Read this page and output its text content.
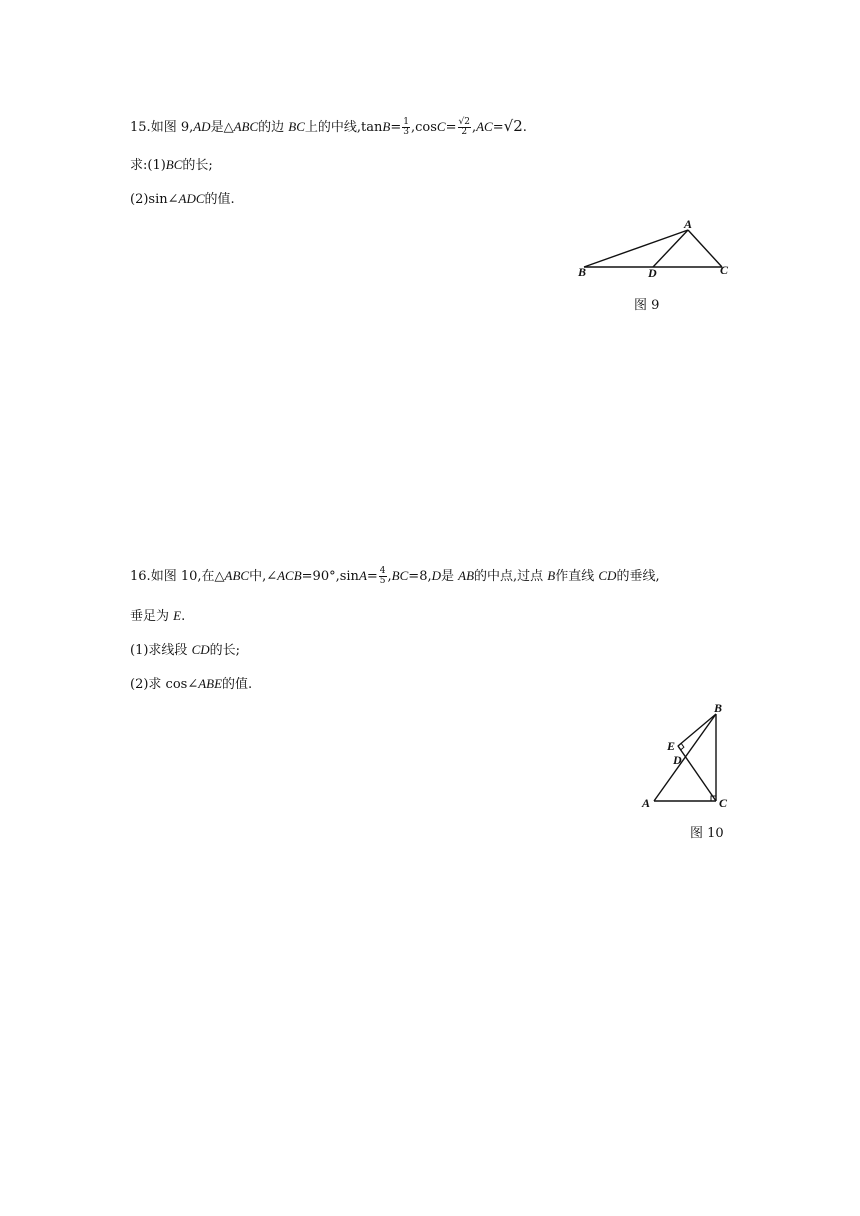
15.如图 9,AD是△ABC的边 BC上的中线$,\tan B= \frac{1}{3} ,\cos C= \frac{√2}{2} ,AC=√2$.
求:(1)BC的长;
(2)sin∠ADC的值.
A
B	C
D
图 9
16.如图 10,在△ABC中,∠ACB=90°,sinA= $\frac{4}{5} ,BC=8,D$是 AB的中点,过点 B作直线 CD的垂线,
垂足为 E.
(1)求线段 CD的长;
(2)求 cos∠ABE的值.
B
E
D
A	C
图 10
